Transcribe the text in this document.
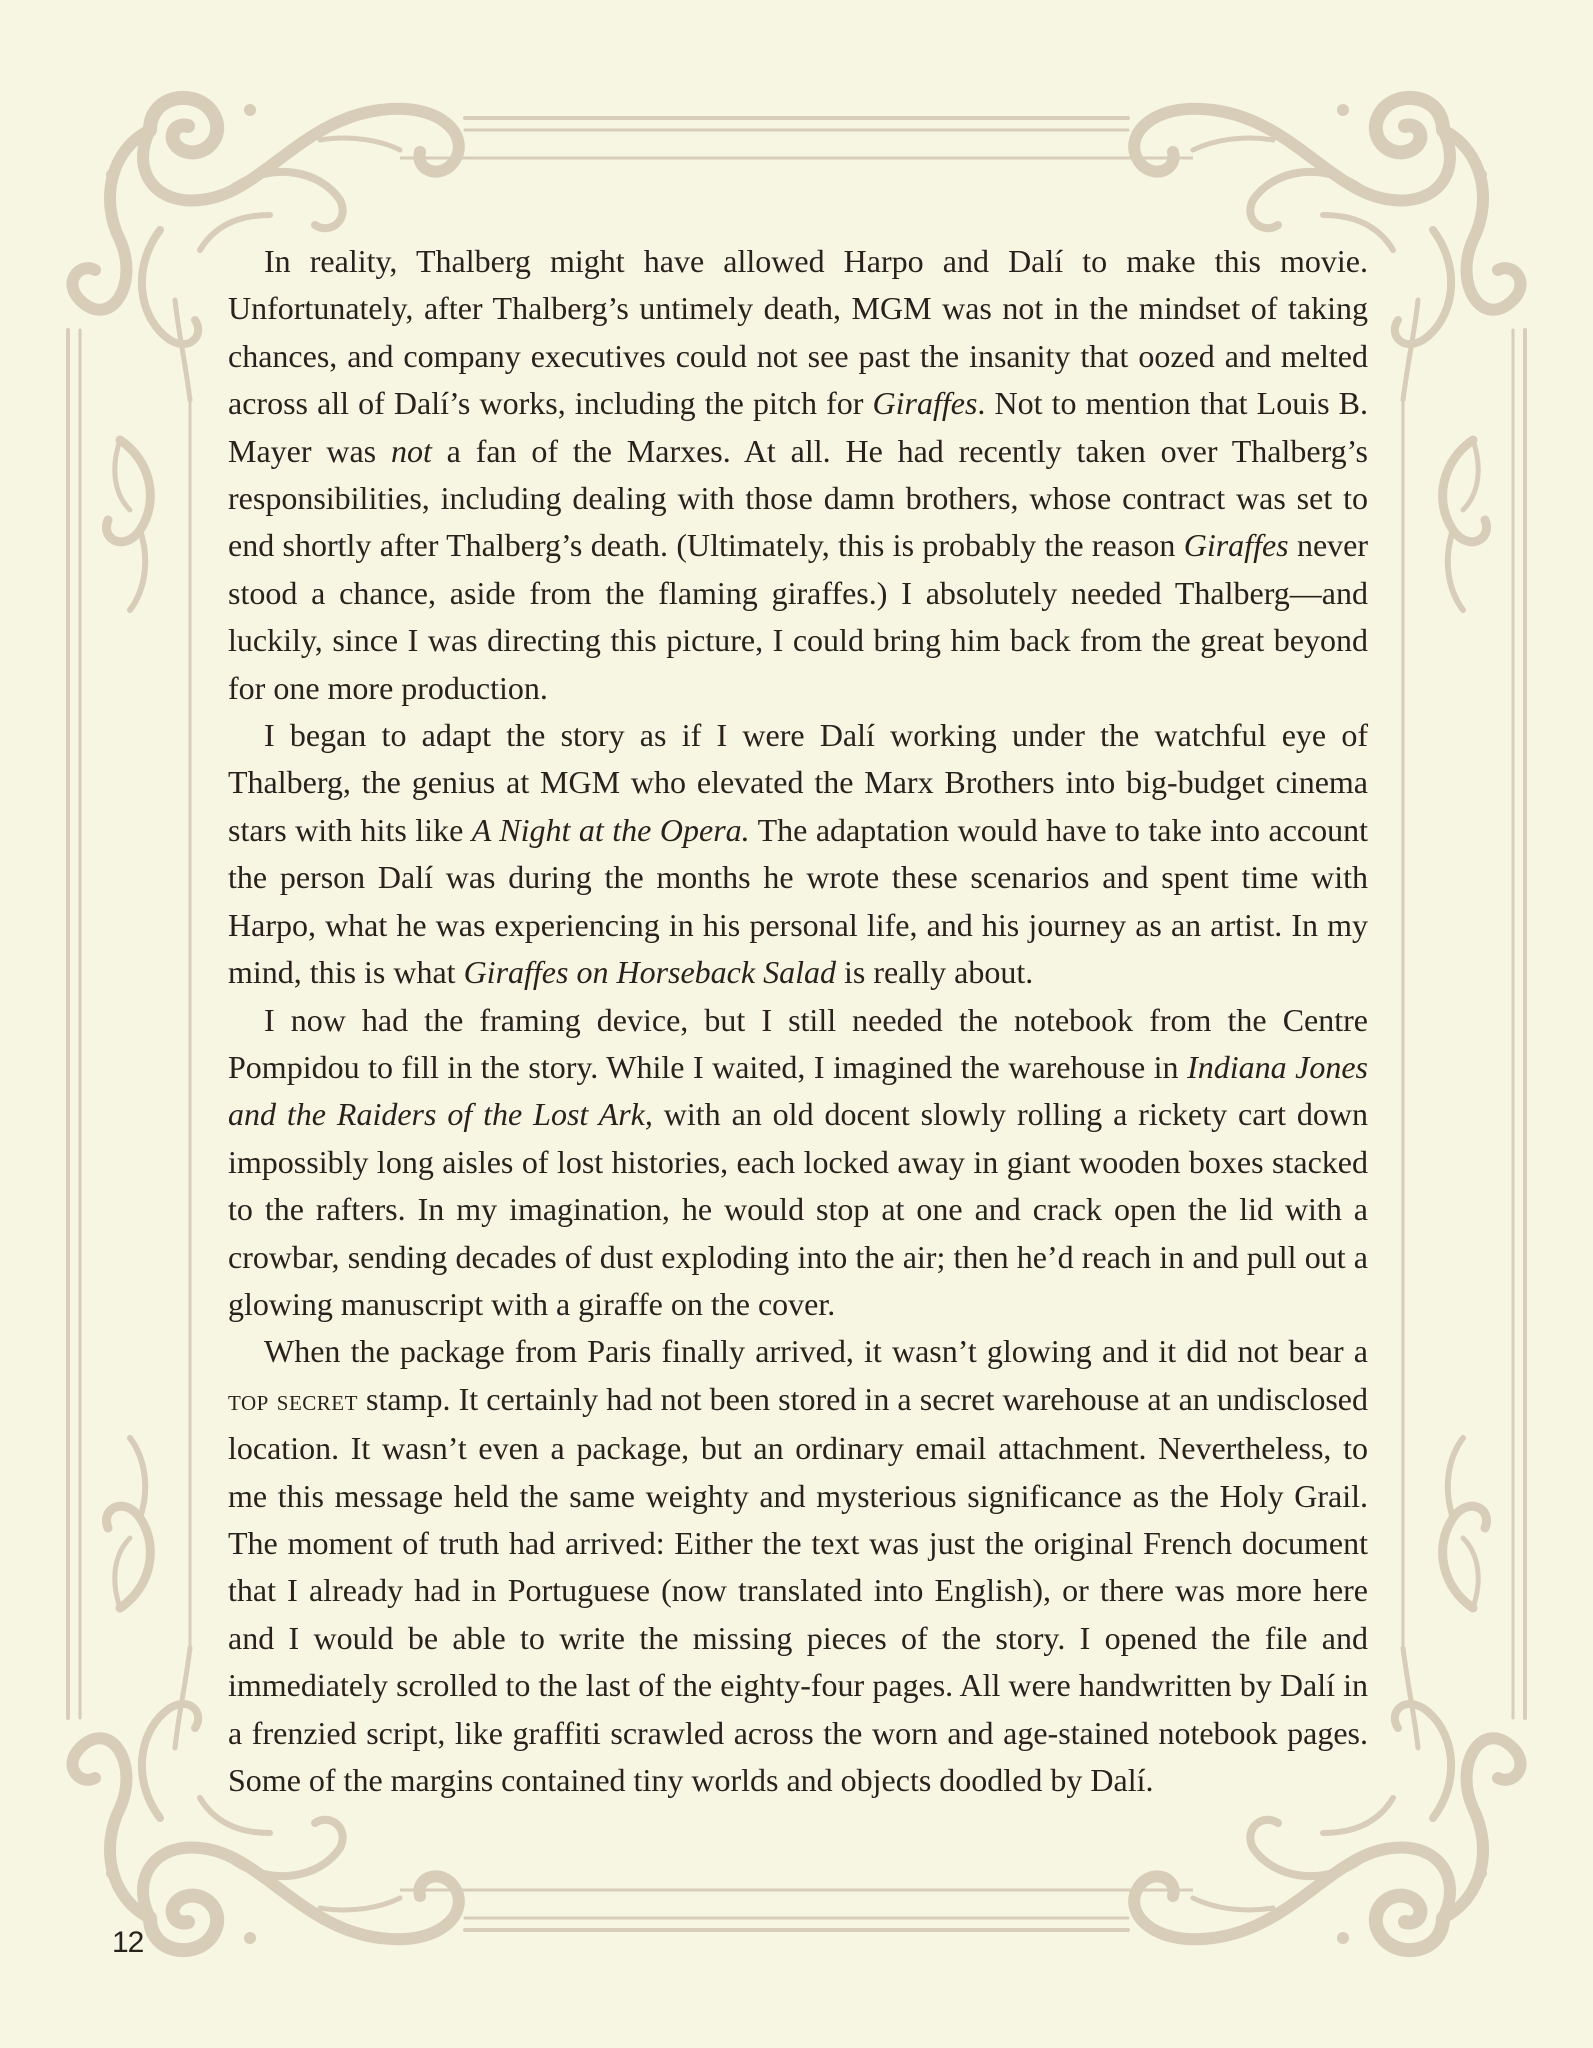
In reality, Thalberg might have allowed Harpo and Dalí to make this movie. Unfortunately, after Thalberg’s untimely death, MGM was not in the mindset of taking chances, and company executives could not see past the insanity that oozed and melted across all of Dalí’s works, including the pitch for Giraffes. Not to mention that Louis B. Mayer was not a fan of the Marxes. At all. He had recently taken over Thalberg’s responsibilities, including dealing with those damn brothers, whose contract was set to end shortly after Thalberg’s death. (Ultimately, this is probably the reason Giraffes never stood a chance, aside from the flaming giraffes.) I absolutely needed Thalberg—and luckily, since I was directing this picture, I could bring him back from the great beyond for one more production.

I began to adapt the story as if I were Dalí working under the watchful eye of Thalberg, the genius at MGM who elevated the Marx Brothers into big-budget cinema stars with hits like A Night at the Opera. The adaptation would have to take into account the person Dalí was during the months he wrote these scenarios and spent time with Harpo, what he was experiencing in his personal life, and his journey as an artist. In my mind, this is what Giraffes on Horseback Salad is really about.

I now had the framing device, but I still needed the notebook from the Centre Pompidou to fill in the story. While I waited, I imagined the warehouse in Indiana Jones and the Raiders of the Lost Ark, with an old docent slowly rolling a rickety cart down impossibly long aisles of lost histories, each locked away in giant wooden boxes stacked to the rafters. In my imagination, he would stop at one and crack open the lid with a crowbar, sending decades of dust exploding into the air; then he’d reach in and pull out a glowing manuscript with a giraffe on the cover.

When the package from Paris finally arrived, it wasn’t glowing and it did not bear a top secret stamp. It certainly had not been stored in a secret warehouse at an undisclosed location. It wasn’t even a package, but an ordinary email attachment. Nevertheless, to me this message held the same weighty and mysterious significance as the Holy Grail. The moment of truth had arrived: Either the text was just the original French document that I already had in Portuguese (now translated into English), or there was more here and I would be able to write the missing pieces of the story. I opened the file and immediately scrolled to the last of the eighty-four pages. All were handwritten by Dalí in a frenzied script, like graffiti scrawled across the worn and age-stained notebook pages. Some of the margins contained tiny worlds and objects doodled by Dalí.

12
